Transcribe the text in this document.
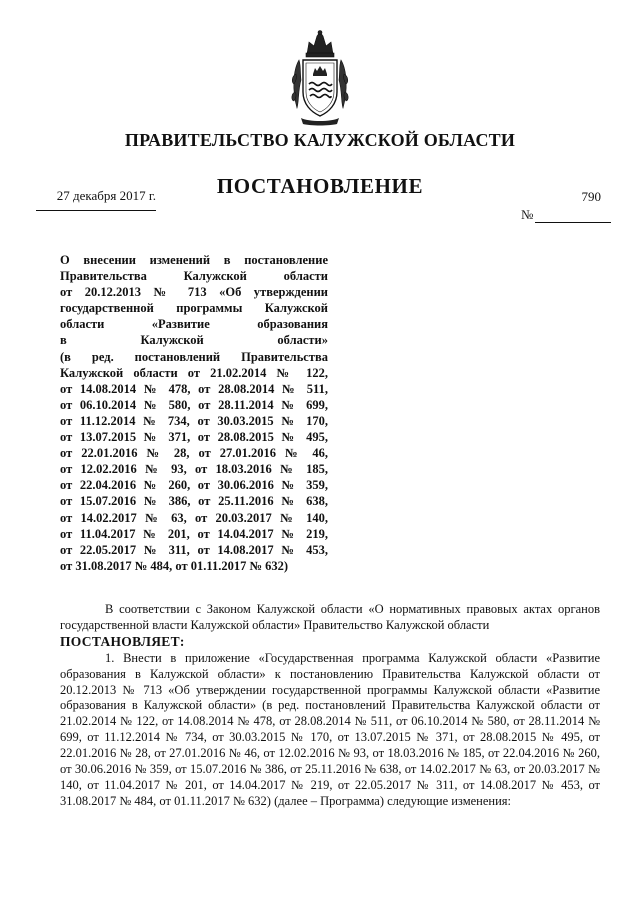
ПРАВИТЕЛЬСТВО КАЛУЖСКОЙ ОБЛАСТИ
27 декабря 2017 г.	ПОСТАНОВЛЕНИЕ	790
№

О внесении изменений в постановление
Правительства Калужской области
от 20.12.2013 № 713 «Об утверждении
государственной программы Калужской
области «Развитие образования
в Калужской области»
(в ред. постановлений Правительства
Калужской области от 21.02.2014 № 122,
от 14.08.2014 № 478, от 28.08.2014 № 511,
от 06.10.2014 № 580, от 28.11.2014 № 699,
от 11.12.2014 № 734, от 30.03.2015 № 170,
от 13.07.2015 № 371, от 28.08.2015 № 495,
от 22.01.2016 № 28, от 27.01.2016 № 46,
от 12.02.2016 № 93, от 18.03.2016 № 185,
от 22.04.2016 № 260, от 30.06.2016 № 359,
от 15.07.2016 № 386, от 25.11.2016 № 638,
от 14.02.2017 № 63, от 20.03.2017 № 140,
от 11.04.2017 № 201, от 14.04.2017 № 219,
от 22.05.2017 № 311, от 14.08.2017 № 453,
от 31.08.2017 № 484, от 01.11.2017 № 632)

В соответствии с Законом Калужской области «О нормативных правовых актах органов государственной власти Калужской области» Правительство Калужской области

ПОСТАНОВЛЯЕТ:

1. Внести в приложение «Государственная программа Калужской области «Развитие образования в Калужской области» к постановлению Правительства Калужской области от 20.12.2013 № 713 «Об утверждении государственной программы Калужской области «Развитие образования в Калужской области» (в ред. постановлений Правительства Калужской области от 21.02.2014 № 122, от 14.08.2014 № 478, от 28.08.2014 № 511, от 06.10.2014 № 580, от 28.11.2014 № 699, от 11.12.2014 № 734, от 30.03.2015 № 170, от 13.07.2015 № 371, от 28.08.2015 № 495, от 22.01.2016 № 28, от 27.01.2016 № 46, от 12.02.2016 № 93, от 18.03.2016 № 185, от 22.04.2016 № 260, от 30.06.2016 № 359, от 15.07.2016 № 386, от 25.11.2016 № 638, от 14.02.2017 № 63, от 20.03.2017 № 140, от 11.04.2017 № 201, от 14.04.2017 № 219, от 22.05.2017 № 311, от 14.08.2017 № 453, от 31.08.2017 № 484, от 01.11.2017 № 632) (далее – Программа) следующие изменения:
